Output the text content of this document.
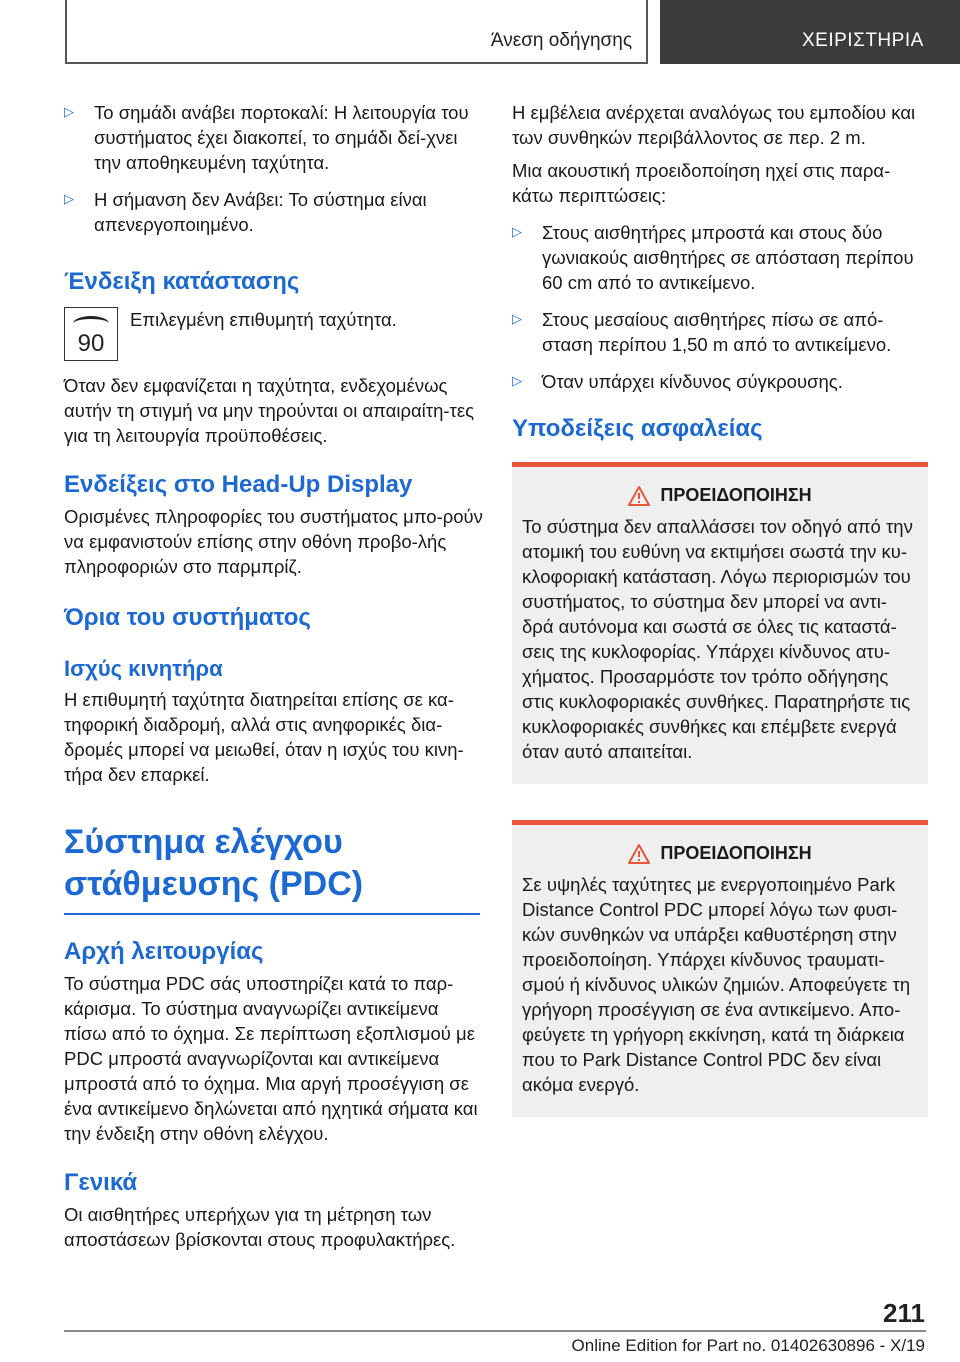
Άνεση οδήγησης	ΧΕΙΡΙΣΤΗΡΙΑ
▷ Το σημάδι ανάβει πορτοκαλί: Η λειτουργία του συστήματος έχει διακοπεί, το σημάδι δεί-χνει την αποθηκευμένη ταχύτητα.

▷ Η σήμανση δεν Ανάβει: Το σύστημα είναι απενεργοποιημένο.

Ένδειξη κατάστασης
90

Επιλεγμένη επιθυμητή ταχύτητα.

Όταν δεν εμφανίζεται η ταχύτητα, ενδεχομένως αυτήν τη στιγμή να μην τηρούνται οι απαιραίτη-τες για τη λειτουργία προϋποθέσεις.

Ενδείξεις στο Head-Up Display

Ορισμένες πληροφορίες του συστήματος μπο-ρούν να εμφανιστούν επίσης στην οθόνη προβο-λής πληροφοριών στο παρμπρίζ.

Όρια του συστήματος
Ισχύς κινητήρα

Η επιθυμητή ταχύτητα διατηρείται επίσης σε κα-τηφορική διαδρομή, αλλά στις ανηφορικές δια-δρομές μπορεί να μειωθεί, όταν η ισχύς του κινη-τήρα δεν επαρκεί.

Σύστημα ελέγχου
στάθμευσης (PDC)
Αρχή λειτουργίας

Το σύστημα PDC σάς υποστηρίζει κατά το παρ-κάρισμα. Το σύστημα αναγνωρίζει αντικείμενα πίσω από το όχημα. Σε περίπτωση εξοπλισμού με PDC μπροστά αναγνωρίζονται και αντικείμενα μπροστά από το όχημα. Μια αργή προσέγγιση σε ένα αντικείμενο δηλώνεται από ηχητικά σήματα και την ένδειξη στην οθόνη ελέγχου.

Γενικά

Οι αισθητήρες υπερήχων για τη μέτρηση των αποστάσεων βρίσκονται στους προφυλακτήρες.

Η εμβέλεια ανέρχεται αναλόγως του εμποδίου και των συνθηκών περιβάλλοντος σε περ. 2 m.

Μια ακουστική προειδοποίηση ηχεί στις παρα-κάτω περιπτώσεις:

▷ Στους αισθητήρες μπροστά και στους δύο γωνιακούς αισθητήρες σε απόσταση περίπου 60 cm από το αντικείμενο.

▷ Στους μεσαίους αισθητήρες πίσω σε από-σταση περίπου 1,50 m από το αντικείμενο.

▷ Όταν υπάρχει κίνδυνος σύγκρουσης.

Υποδείξεις ασφαλείας
ΠΡΟΕΙΔΟΠΟΙΗΣΗ

Το σύστημα δεν απαλλάσσει τον οδηγό από την ατομική του ευθύνη να εκτιμήσει σωστά την κυ-κλοφοριακή κατάσταση. Λόγω περιορισμών του συστήματος, το σύστημα δεν μπορεί να αντι-δρά αυτόνομα και σωστά σε όλες τις καταστά-σεις της κυκλοφορίας. Υπάρχει κίνδυνος ατυ-χήματος. Προσαρμόστε τον τρόπο οδήγησης στις κυκλοφοριακές συνθήκες. Παρατηρήστε τις κυκλοφοριακές συνθήκες και επέμβετε ενεργά όταν αυτό απαιτείται.

ΠΡΟΕΙΔΟΠΟΙΗΣΗ

Σε υψηλές ταχύτητες με ενεργοποιημένο Park Distance Control PDC μπορεί λόγω των φυσι-κών συνθηκών να υπάρξει καθυστέρηση στην προειδοποίηση. Υπάρχει κίνδυνος τραυματι-σμού ή κίνδυνος υλικών ζημιών. Αποφεύγετε τη γρήγορη προσέγγιση σε ένα αντικείμενο. Απο-φεύγετε τη γρήγορη εκκίνηση, κατά τη διάρκεια που το Park Distance Control PDC δεν είναι ακόμα ενεργό.

211
Online Edition for Part no. 01402630896 - X/19
